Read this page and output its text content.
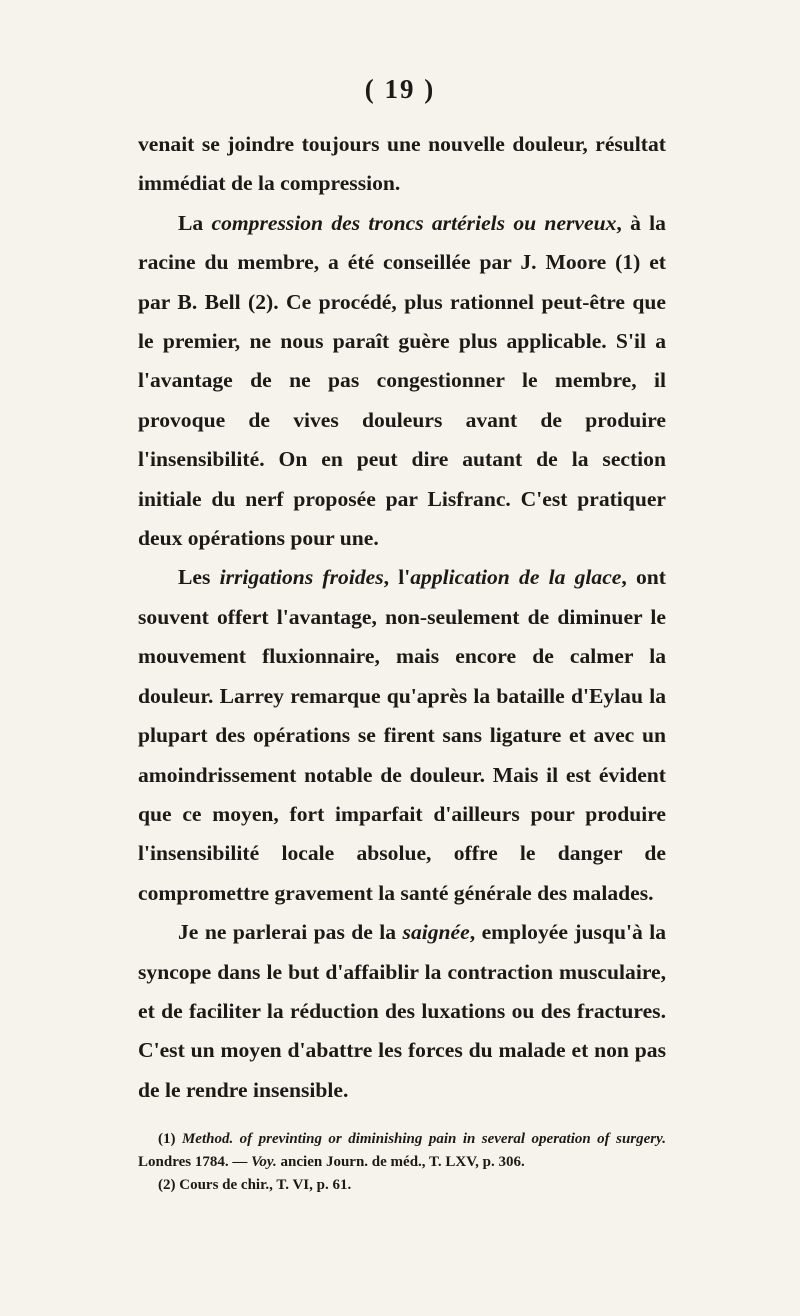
( 19 )

venait se joindre toujours une nouvelle douleur, résultat immédiat de la compression.

La compression des troncs artériels ou nerveux, à la racine du membre, a été conseillée par J. Moore (1) et par B. Bell (2). Ce procédé, plus rationnel peut-être que le premier, ne nous paraît guère plus applicable. S'il a l'avantage de ne pas congestionner le membre, il provoque de vives douleurs avant de produire l'insensibilité. On en peut dire autant de la section initiale du nerf proposée par Lisfranc. C'est pratiquer deux opérations pour une.

Les irrigations froides, l'application de la glace, ont souvent offert l'avantage, non-seulement de diminuer le mouvement fluxionnaire, mais encore de calmer la douleur. Larrey remarque qu'après la bataille d'Eylau la plupart des opérations se firent sans ligature et avec un amoindrissement notable de douleur. Mais il est évident que ce moyen, fort imparfait d'ailleurs pour produire l'insensibilité locale absolue, offre le danger de compromettre gravement la santé générale des malades.

Je ne parlerai pas de la saignée, employée jusqu'à la syncope dans le but d'affaiblir la contraction musculaire, et de faciliter la réduction des luxations ou des fractures. C'est un moyen d'abattre les forces du malade et non pas de le rendre insensible.

(1) Method. of previnting or diminishing pain in several operation of surgery. Londres 1784. — Voy. ancien Journ. de méd., T. LXV, p. 306.

(2) Cours de chir., T. VI, p. 61.
